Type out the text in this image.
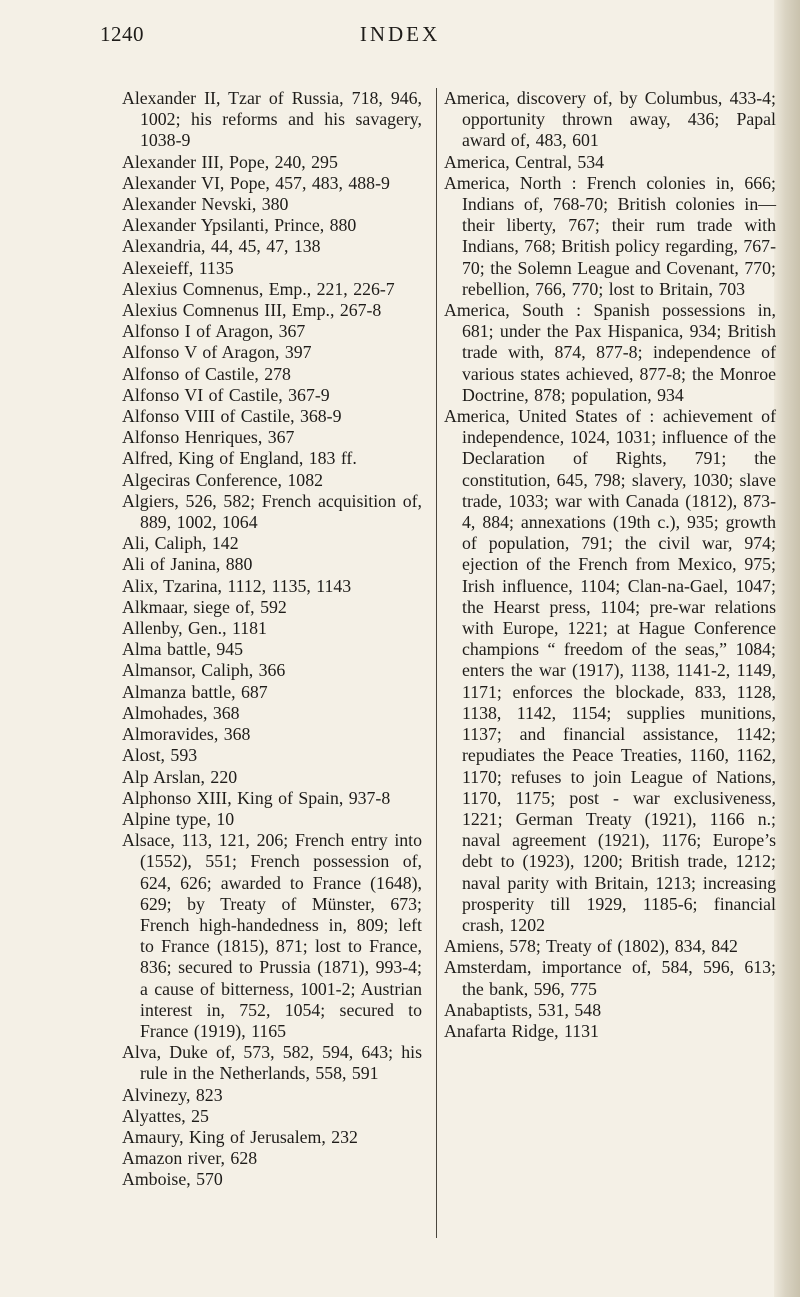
1240	INDEX
Alexander II, Tzar of Russia, 718, 946, 1002; his reforms and his savagery, 1038-9
Alexander III, Pope, 240, 295
Alexander VI, Pope, 457, 483, 488-9
Alexander Nevski, 380
Alexander Ypsilanti, Prince, 880
Alexandria, 44, 45, 47, 138
Alexeieff, 1135
Alexius Comnenus, Emp., 221, 226-7
Alexius Comnenus III, Emp., 267-8
Alfonso I of Aragon, 367
Alfonso V of Aragon, 397
Alfonso of Castile, 278
Alfonso VI of Castile, 367-9
Alfonso VIII of Castile, 368-9
Alfonso Henriques, 367
Alfred, King of England, 183 ff.
Algeciras Conference, 1082
Algiers, 526, 582; French acquisition of, 889, 1002, 1064
Ali, Caliph, 142
Ali of Janina, 880
Alix, Tzarina, 1112, 1135, 1143
Alkmaar, siege of, 592
Allenby, Gen., 1181
Alma battle, 945
Almansor, Caliph, 366
Almanza battle, 687
Almohades, 368
Almoravides, 368
Alost, 593
Alp Arslan, 220
Alphonso XIII, King of Spain, 937-8
Alpine type, 10
Alsace, 113, 121, 206; French entry into (1552), 551; French possession of, 624, 626; awarded to France (1648), 629; by Treaty of Münster, 673; French high-handedness in, 809; left to France (1815), 871; lost to France, 836; secured to Prussia (1871), 993-4; a cause of bitterness, 1001-2; Austrian interest in, 752, 1054; secured to France (1919), 1165
Alva, Duke of, 573, 582, 594, 643; his rule in the Netherlands, 558, 591
Alvinezy, 823
Alyattes, 25
Amaury, King of Jerusalem, 232
Amazon river, 628
Amboise, 570
America, discovery of, by Columbus, 433-4; opportunity thrown away, 436; Papal award of, 483, 601
America, Central, 534
America, North : French colonies in, 666; Indians of, 768-70; British colonies in—their liberty, 767; their rum trade with Indians, 768; British policy regarding, 767-70; the Solemn League and Covenant, 770; rebellion, 766, 770; lost to Britain, 703
America, South : Spanish possessions in, 681; under the Pax Hispanica, 934; British trade with, 874, 877-8; independence of various states achieved, 877-8; the Monroe Doctrine, 878; population, 934
America, United States of : achievement of independence, 1024, 1031; influence of the Declaration of Rights, 791; the constitution, 645, 798; slavery, 1030; slave trade, 1033; war with Canada (1812), 873-4, 884; annexations (19th c.), 935; growth of population, 791; the civil war, 974; ejection of the French from Mexico, 975; Irish influence, 1104; Clan-na-Gael, 1047; the Hearst press, 1104; pre-war relations with Europe, 1221; at Hague Conference champions “ freedom of the seas,” 1084; enters the war (1917), 1138, 1141-2, 1149, 1171; enforces the blockade, 833, 1128, 1138, 1142, 1154; supplies munitions, 1137; and financial assistance, 1142; repudiates the Peace Treaties, 1160, 1162, 1170; refuses to join League of Nations, 1170, 1175; post - war exclusiveness, 1221; German Treaty (1921), 1166 n.; naval agreement (1921), 1176; Europe’s debt to (1923), 1200; British trade, 1212; naval parity with Britain, 1213; increasing prosperity till 1929, 1185-6; financial crash, 1202
Amiens, 578; Treaty of (1802), 834, 842
Amsterdam, importance of, 584, 596, 613; the bank, 596, 775
Anabaptists, 531, 548
Anafarta Ridge, 1131
